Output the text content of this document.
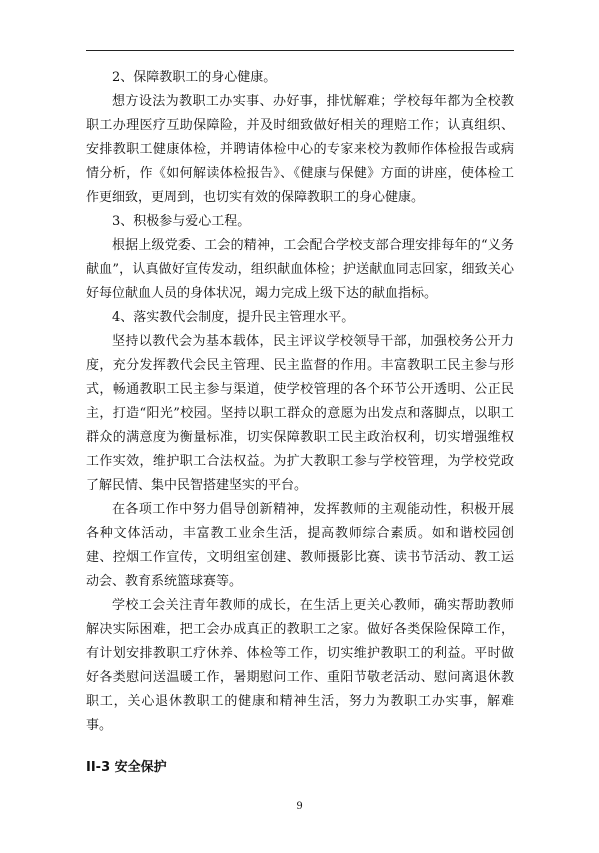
2、保障教职工的身心健康。

想方设法为教职工办实事、办好事，排忧解难；学校每年都为全校教职工办理医疗互助保障险，并及时细致做好相关的理赔工作；认真组织、安排教职工健康体检，并聘请体检中心的专家来校为教师作体检报告或病情分析，作《如何解读体检报告》、《健康与保健》方面的讲座，使体检工作更细致，更周到，也切实有效的保障教职工的身心健康。

3、积极参与爱心工程。

根据上级党委、工会的精神，工会配合学校支部合理安排每年的“义务献血”，认真做好宣传发动，组织献血体检；护送献血同志回家，细致关心好每位献血人员的身体状况，竭力完成上级下达的献血指标。

4、落实教代会制度，提升民主管理水平。

坚持以教代会为基本载体，民主评议学校领导干部，加强校务公开力度，充分发挥教代会民主管理、民主监督的作用。丰富教职工民主参与形式，畅通教职工民主参与渠道，使学校管理的各个环节公开透明、公正民主，打造“阳光”校园。坚持以职工群众的意愿为出发点和落脚点，以职工群众的满意度为衡量标准，切实保障教职工民主政治权利，切实增强维权工作实效，维护职工合法权益。为扩大教职工参与学校管理，为学校党政了解民情、集中民智搭建坚实的平台。

在各项工作中努力倡导创新精神，发挥教师的主观能动性，积极开展各种文体活动，丰富教工业余生活，提高教师综合素质。如和谐校园创建、控烟工作宣传，文明组室创建、教师摄影比赛、读书节活动、教工运动会、教育系统篮球赛等。

学校工会关注青年教师的成长，在生活上更关心教师，确实帮助教师解决实际困难，把工会办成真正的教职工之家。做好各类保险保障工作，有计划安排教职工疗休养、体检等工作，切实维护教职工的利益。平时做好各类慰问送温暖工作，暑期慰问工作、重阳节敬老活动、慰问离退休教职工，关心退休教职工的健康和精神生活，努力为教职工办实事，解难事。

II-3 安全保护

9
